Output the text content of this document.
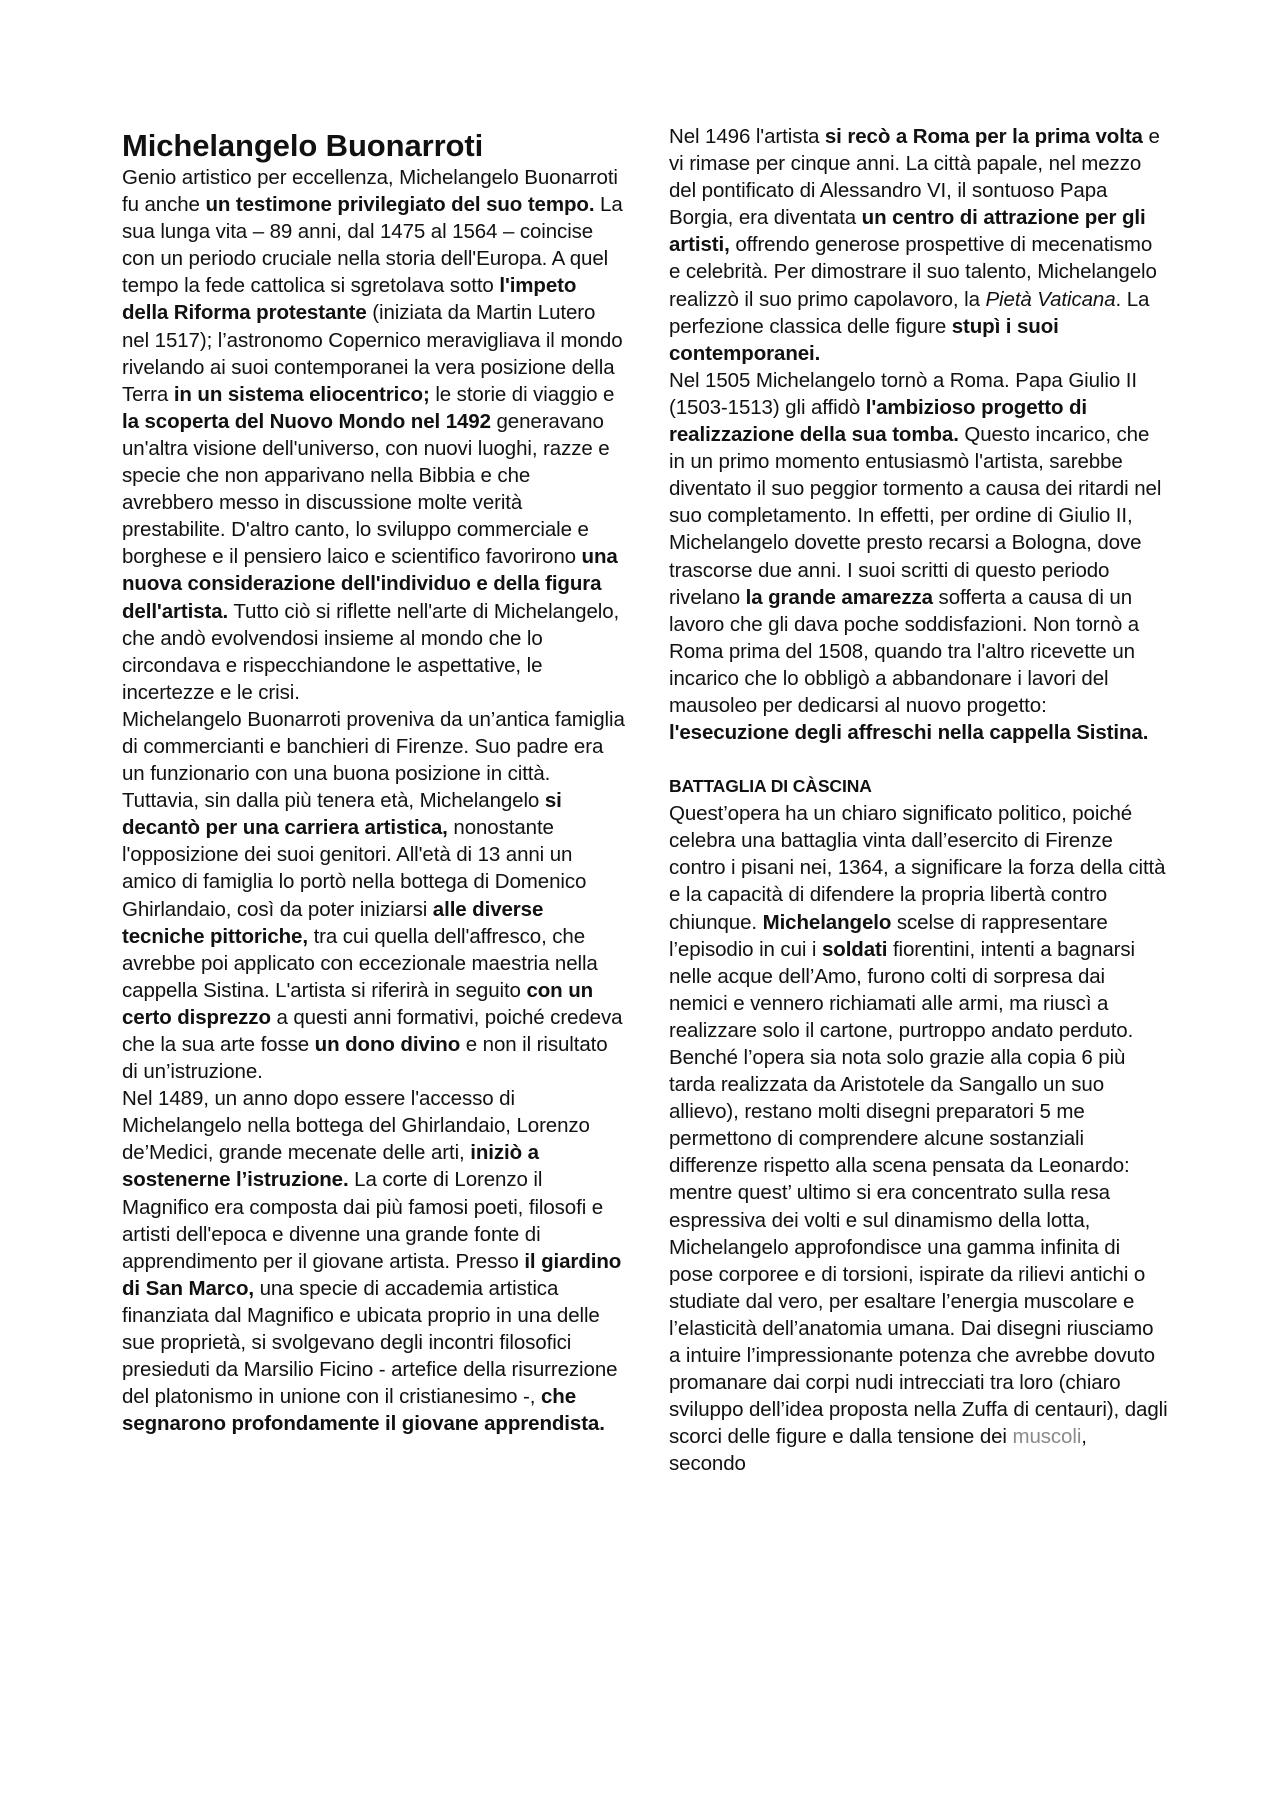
Michelangelo Buonarroti

Genio artistico per eccellenza, Michelangelo Buonarroti fu anche un testimone privilegiato del suo tempo. La sua lunga vita – 89 anni, dal 1475 al 1564 – coincise con un periodo cruciale nella storia dell'Europa. A quel tempo la fede cattolica si sgretolava sotto l'impeto della Riforma protestante (iniziata da Martin Lutero nel 1517); l’astronomo Copernico meravigliava il mondo rivelando ai suoi contemporanei la vera posizione della Terra in un sistema eliocentrico; le storie di viaggio e la scoperta del Nuovo Mondo nel 1492 generavano un'altra visione dell'universo, con nuovi luoghi, razze e specie che non apparivano nella Bibbia e che avrebbero messo in discussione molte verità prestabilite. D'altro canto, lo sviluppo commerciale e borghese e il pensiero laico e scientifico favorirono una nuova considerazione dell'individuo e della figura dell'artista. Tutto ciò si riflette nell'arte di Michelangelo, che andò evolvendosi insieme al mondo che lo circondava e rispecchiandone le aspettative, le incertezze e le crisi.

Michelangelo Buonarroti proveniva da un’antica famiglia di commercianti e banchieri di Firenze. Suo padre era un funzionario con una buona posizione in città. Tuttavia, sin dalla più tenera età, Michelangelo si decantò per una carriera artistica, nonostante l'opposizione dei suoi genitori. All'età di 13 anni un amico di famiglia lo portò nella bottega di Domenico Ghirlandaio, così da poter iniziarsi alle diverse tecniche pittoriche, tra cui quella dell'affresco, che avrebbe poi applicato con eccezionale maestria nella cappella Sistina. L'artista si riferirà in seguito con un certo disprezzo a questi anni formativi, poiché credeva che la sua arte fosse un dono divino e non il risultato di un’istruzione.

Nel 1489, un anno dopo essere l'accesso di Michelangelo nella bottega del Ghirlandaio, Lorenzo de’Medici, grande mecenate delle arti, iniziò a sostenerne l’istruzione. La corte di Lorenzo il Magnifico era composta dai più famosi poeti, filosofi e artisti dell'epoca e divenne una grande fonte di apprendimento per il giovane artista. Presso il giardino di San Marco, una specie di accademia artistica finanziata dal Magnifico e ubicata proprio in una delle sue proprietà, si svolgevano degli incontri filosofici presieduti da Marsilio Ficino - artefice della risurrezione del platonismo in unione con il cristianesimo -, che segnarono profondamente il giovane apprendista.

Nel 1496 l'artista si recò a Roma per la prima volta e vi rimase per cinque anni. La città papale, nel mezzo del pontificato di Alessandro VI, il sontuoso Papa Borgia, era diventata un centro di attrazione per gli artisti, offrendo generose prospettive di mecenatismo e celebrità. Per dimostrare il suo talento, Michelangelo realizzò il suo primo capolavoro, la Pietà Vaticana. La perfezione classica delle figure stupì i suoi contemporanei.

Nel 1505 Michelangelo tornò a Roma. Papa Giulio II (1503-1513) gli affidò l'ambizioso progetto di realizzazione della sua tomba. Questo incarico, che in un primo momento entusiasmò l'artista, sarebbe diventato il suo peggior tormento a causa dei ritardi nel suo completamento. In effetti, per ordine di Giulio II, Michelangelo dovette presto recarsi a Bologna, dove trascorse due anni. I suoi scritti di questo periodo rivelano la grande amarezza sofferta a causa di un lavoro che gli dava poche soddisfazioni. Non tornò a Roma prima del 1508, quando tra l'altro ricevette un incarico che lo obbligò a abbandonare i lavori del mausoleo per dedicarsi al nuovo progetto: l'esecuzione degli affreschi nella cappella Sistina.

BATTAGLIA DI CÀSCINA

Quest’opera ha un chiaro significato politico, poiché celebra una battaglia vinta dall’esercito di Firenze contro i pisani nei, 1364, a significare la forza della città e la capacità di difendere la propria libertà contro chiunque. Michelangelo scelse di rappresentare l’episodio in cui i soldati fiorentini, intenti a bagnarsi nelle acque dell’Amo, furono colti di sorpresa dai nemici e vennero richiamati alle armi, ma riuscì a realizzare solo il cartone, purtroppo andato perduto.

Benché l’opera sia nota solo grazie alla copia 6 più tarda realizzata da Aristotele da Sangallo un suo allievo), restano molti disegni preparatori 5 me permettono di comprendere alcune sostanziali differenze rispetto alla scena pensata da Leonardo: mentre quest’ ultimo si era concentrato sulla resa espressiva dei volti e sul dinamismo della lotta, Michelangelo approfondisce una gamma infinita di pose corporee e di torsioni, ispirate da rilievi antichi o studiate dal vero, per esaltare l’energia muscolare e l’elasticità dell’anatomia umana. Dai disegni riusciamo a intuire l’impressionante potenza che avrebbe dovuto promanare dai corpi nudi intrecciati tra loro (chiaro sviluppo dell’idea proposta nella Zuffa di centauri), dagli scorci delle figure e dalla tensione dei muscoli, secondo
